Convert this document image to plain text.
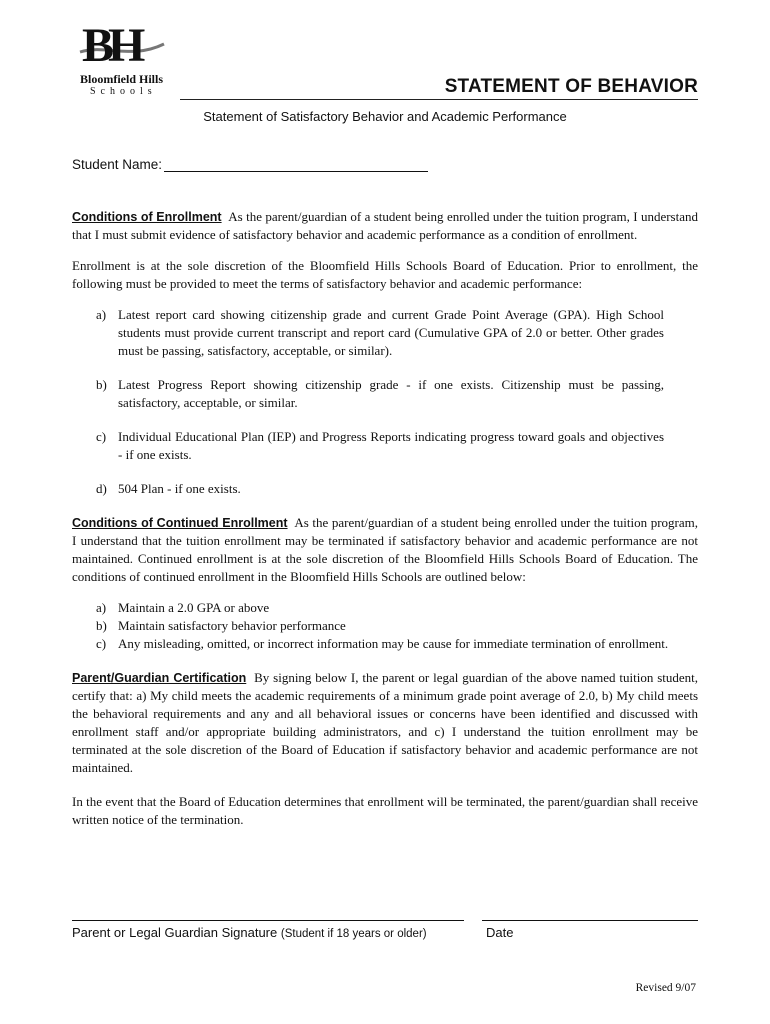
BH
Bloomfield Hills
Schools	STATEMENT OF BEHAVIOR
Statement of Satisfactory Behavior and Academic Performance
Student Name:

Conditions of Enrollment As the parent/guardian of a student being enrolled under the tuition program, I understand that I must submit evidence of satisfactory behavior and academic performance as a condition of enrollment.

Enrollment is at the sole discretion of the Bloomfield Hills Schools Board of Education. Prior to enrollment, the following must be provided to meet the terms of satisfactory behavior and academic performance:

a) Latest report card showing citizenship grade and current Grade Point Average (GPA). High School students must provide current transcript and report card (Cumulative GPA of 2.0 or better. Other grades must be passing, satisfactory, acceptable, or similar).
b) Latest Progress Report showing citizenship grade - if one exists. Citizenship must be passing, satisfactory, acceptable, or similar.
c) Individual Educational Plan (IEP) and Progress Reports indicating progress toward goals and objectives - if one exists.
d) 504 Plan - if one exists.

Conditions of Continued Enrollment As the parent/guardian of a student being enrolled under the tuition program, I understand that the tuition enrollment may be terminated if satisfactory behavior and academic performance are not maintained. Continued enrollment is at the sole discretion of the Bloomfield Hills Schools Board of Education. The conditions of continued enrollment in the Bloomfield Hills Schools are outlined below:

a) Maintain a 2.0 GPA or above
b) Maintain satisfactory behavior performance
c) Any misleading, omitted, or incorrect information may be cause for immediate termination of enrollment.

Parent/Guardian Certification By signing below I, the parent or legal guardian of the above named tuition student, certify that: a) My child meets the academic requirements of a minimum grade point average of 2.0, b) My child meets the behavioral requirements and any and all behavioral issues or concerns have been identified and discussed with enrollment staff and/or appropriate building administrators, and c) I understand the tuition enrollment may be terminated at the sole discretion of the Board of Education if satisfactory behavior and academic performance are not maintained.

In the event that the Board of Education determines that enrollment will be terminated, the parent/guardian shall receive written notice of the termination.

Parent or Legal Guardian Signature (Student if 18 years or older)	Date
Revised 9/07
